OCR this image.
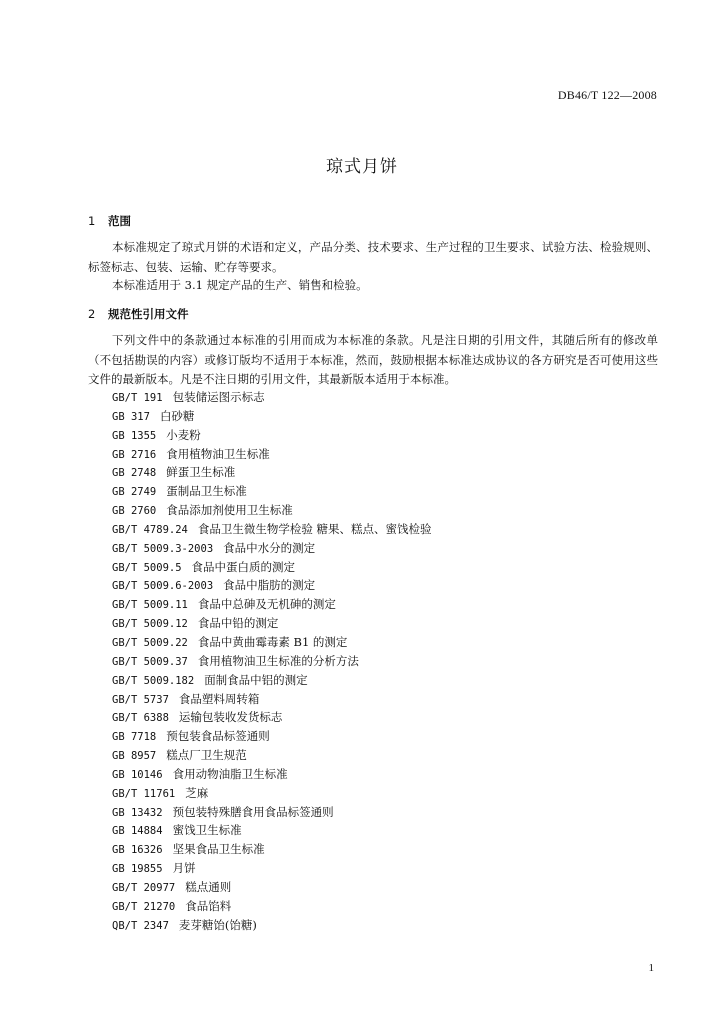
DB46/T 122—2008
琼式月饼
1 范围

本标准规定了琼式月饼的术语和定义，产品分类、技术要求、生产过程的卫生要求、试验方法、检验规则、标签标志、包装、运输、贮存等要求。

本标准适用于 3.1 规定产品的生产、销售和检验。

2 规范性引用文件

下列文件中的条款通过本标准的引用而成为本标准的条款。凡是注日期的引用文件，其随后所有的修改单（不包括勘误的内容）或修订版均不适用于本标准，然而，鼓励根据本标准达成协议的各方研究是否可使用这些文件的最新版本。凡是不注日期的引用文件，其最新版本适用于本标准。

GB/T 191 包装储运图示标志
GB 317 白砂糖
GB 1355 小麦粉
GB 2716 食用植物油卫生标准
GB 2748 鲜蛋卫生标准
GB 2749 蛋制品卫生标准
GB 2760 食品添加剂使用卫生标准
GB/T 4789.24 食品卫生微生物学检验 糖果、糕点、蜜饯检验
GB/T 5009.3-2003 食品中水分的测定
GB/T 5009.5 食品中蛋白质的测定
GB/T 5009.6-2003 食品中脂肪的测定
GB/T 5009.11 食品中总砷及无机砷的测定
GB/T 5009.12 食品中铅的测定
GB/T 5009.22 食品中黄曲霉毒素 B1 的测定
GB/T 5009.37 食用植物油卫生标准的分析方法
GB/T 5009.182 面制食品中铝的测定
GB/T 5737 食品塑料周转箱
GB/T 6388 运输包装收发货标志
GB 7718 预包装食品标签通则
GB 8957 糕点厂卫生规范
GB 10146 食用动物油脂卫生标准
GB/T 11761 芝麻
GB 13432 预包装特殊膳食用食品标签通则
GB 14884 蜜饯卫生标准
GB 16326 坚果食品卫生标准
GB 19855 月饼
GB/T 20977 糕点通则
GB/T 21270 食品馅料
QB/T 2347 麦芽糖饴(饴糖)
1
